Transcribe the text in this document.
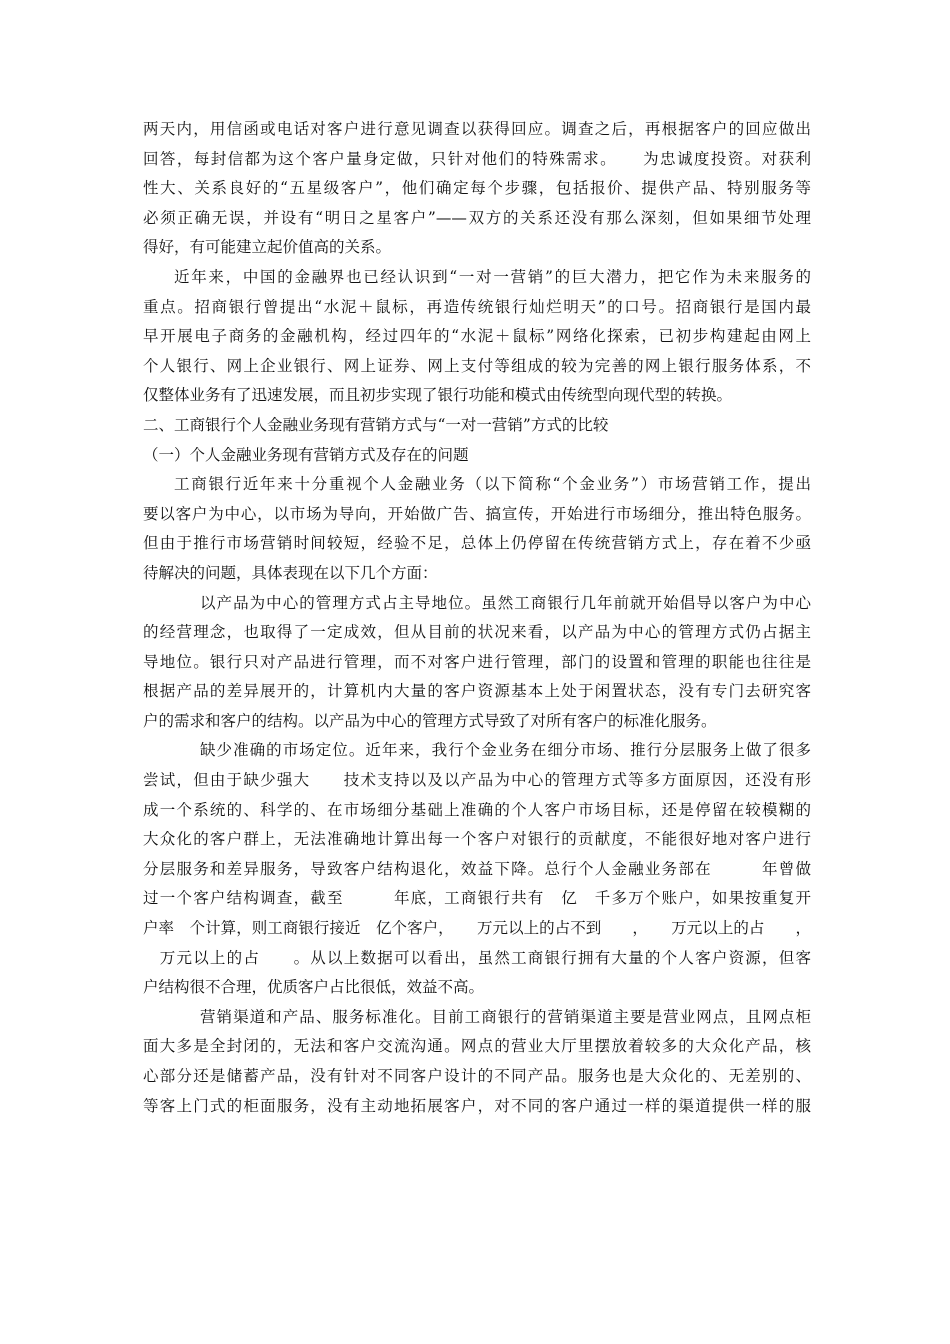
两天内，用信函或电话对客户进行意见调查以获得回应。调查之后，再根据客户的回应做出
回答，每封信都为这个客户量身定做，只针对他们的特殊需求。　　为忠诚度投资。对获利
性大、关系良好的“五星级客户”，他们确定每个步骤，包括报价、提供产品、特别服务等
必须正确无误，并设有“明日之星客户”——双方的关系还没有那么深刻，但如果细节处理
得好，有可能建立起价值高的关系。
近年来，中国的金融界也已经认识到“一对一营销”的巨大潜力，把它作为未来服务的
重点。招商银行曾提出“水泥＋鼠标，再造传统银行灿烂明天”的口号。招商银行是国内最
早开展电子商务的金融机构，经过四年的“水泥＋鼠标”网络化探索，已初步构建起由网上
个人银行、网上企业银行、网上证券、网上支付等组成的较为完善的网上银行服务体系，不
仅整体业务有了迅速发展，而且初步实现了银行功能和模式由传统型向现代型的转换。
二、工商银行个人金融业务现有营销方式与“一对一营销”方式的比较
（一）个人金融业务现有营销方式及存在的问题
工商银行近年来十分重视个人金融业务（以下简称“个金业务”）市场营销工作，提出
要以客户为中心，以市场为导向，开始做广告、搞宣传，开始进行市场细分，推出特色服务。
但由于推行市场营销时间较短，经验不足，总体上仍停留在传统营销方式上，存在着不少亟
待解决的问题，具体表现在以下几个方面：
以产品为中心的管理方式占主导地位。虽然工商银行几年前就开始倡导以客户为中心
的经营理念，也取得了一定成效，但从目前的状况来看，以产品为中心的管理方式仍占据主
导地位。银行只对产品进行管理，而不对客户进行管理，部门的设置和管理的职能也往往是
根据产品的差异展开的，计算机内大量的客户资源基本上处于闲置状态，没有专门去研究客
户的需求和客户的结构。以产品为中心的管理方式导致了对所有客户的标准化服务。
缺少准确的市场定位。近年来，我行个金业务在细分市场、推行分层服务上做了很多
尝试，但由于缺少强大　　技术支持以及以产品为中心的管理方式等多方面原因，还没有形
成一个系统的、科学的、在市场细分基础上准确的个人客户市场目标，还是停留在较模糊的
大众化的客户群上，无法准确地计算出每一个客户对银行的贡献度，不能很好地对客户进行
分层服务和差异服务，导致客户结构退化，效益下降。总行个人金融业务部在　　　年曾做
过一个客户结构调查，截至　　　年底，工商银行共有　亿　千多万个账户，如果按重复开
户率　个计算，则工商银行接近　亿个客户，　　万元以上的占不到　　，　　万元以上的占　　，
　万元以上的占　　。从以上数据可以看出，虽然工商银行拥有大量的个人客户资源，但客
户结构很不合理，优质客户占比很低，效益不高。
营销渠道和产品、服务标准化。目前工商银行的营销渠道主要是营业网点，且网点柜
面大多是全封闭的，无法和客户交流沟通。网点的营业大厅里摆放着较多的大众化产品，核
心部分还是储蓄产品，没有针对不同客户设计的不同产品。服务也是大众化的、无差别的、
等客上门式的柜面服务，没有主动地拓展客户，对不同的客户通过一样的渠道提供一样的服
